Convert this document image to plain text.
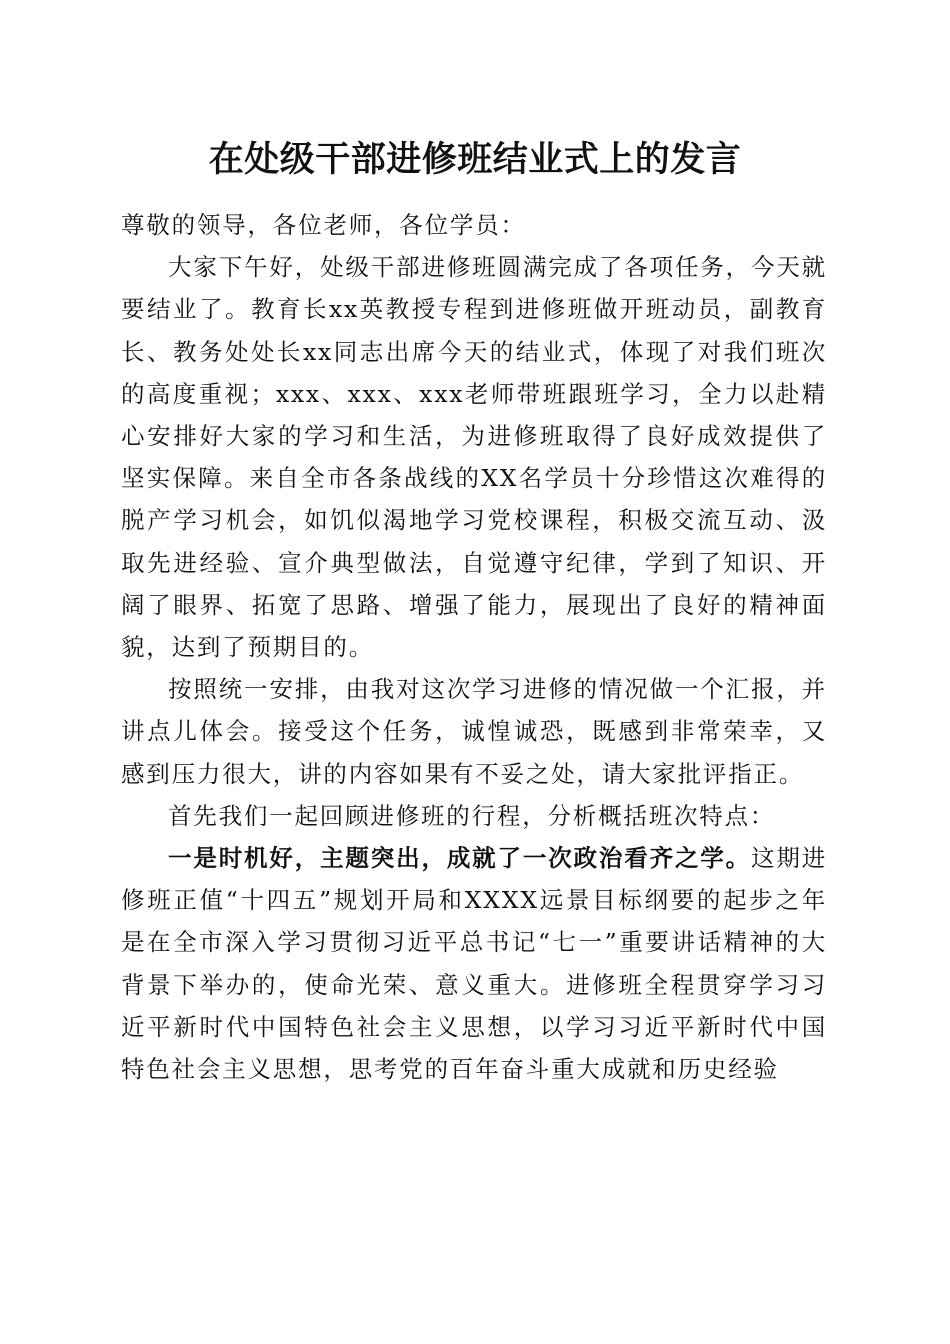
在处级干部进修班结业式上的发言

尊敬的领导，各位老师，各位学员：

大家下午好，处级干部进修班圆满完成了各项任务，今天就要结业了。教育长xx英教授专程到进修班做开班动员，副教育长、教务处处长xx同志出席今天的结业式，体现了对我们班次的高度重视；xxx、xxx、xxx老师带班跟班学习，全力以赴精心安排好大家的学习和生活，为进修班取得了良好成效提供了坚实保障。来自全市各条战线的XX名学员十分珍惜这次难得的脱产学习机会，如饥似渴地学习党校课程，积极交流互动、汲取先进经验、宣介典型做法，自觉遵守纪律，学到了知识、开阔了眼界、拓宽了思路、增强了能力，展现出了良好的精神面貌，达到了预期目的。

按照统一安排，由我对这次学习进修的情况做一个汇报，并讲点儿体会。接受这个任务，诚惶诚恐，既感到非常荣幸，又感到压力很大，讲的内容如果有不妥之处，请大家批评指正。

首先我们一起回顾进修班的行程，分析概括班次特点：

一是时机好，主题突出，成就了一次政治看齐之学。这期进修班正值“十四五”规划开局和XXXX远景目标纲要的起步之年是在全市深入学习贯彻习近平总书记“七一”重要讲话精神的大背景下举办的，使命光荣、意义重大。进修班全程贯穿学习习近平新时代中国特色社会主义思想，以学习习近平新时代中国特色社会主义思想，思考党的百年奋斗重大成就和历史经验
